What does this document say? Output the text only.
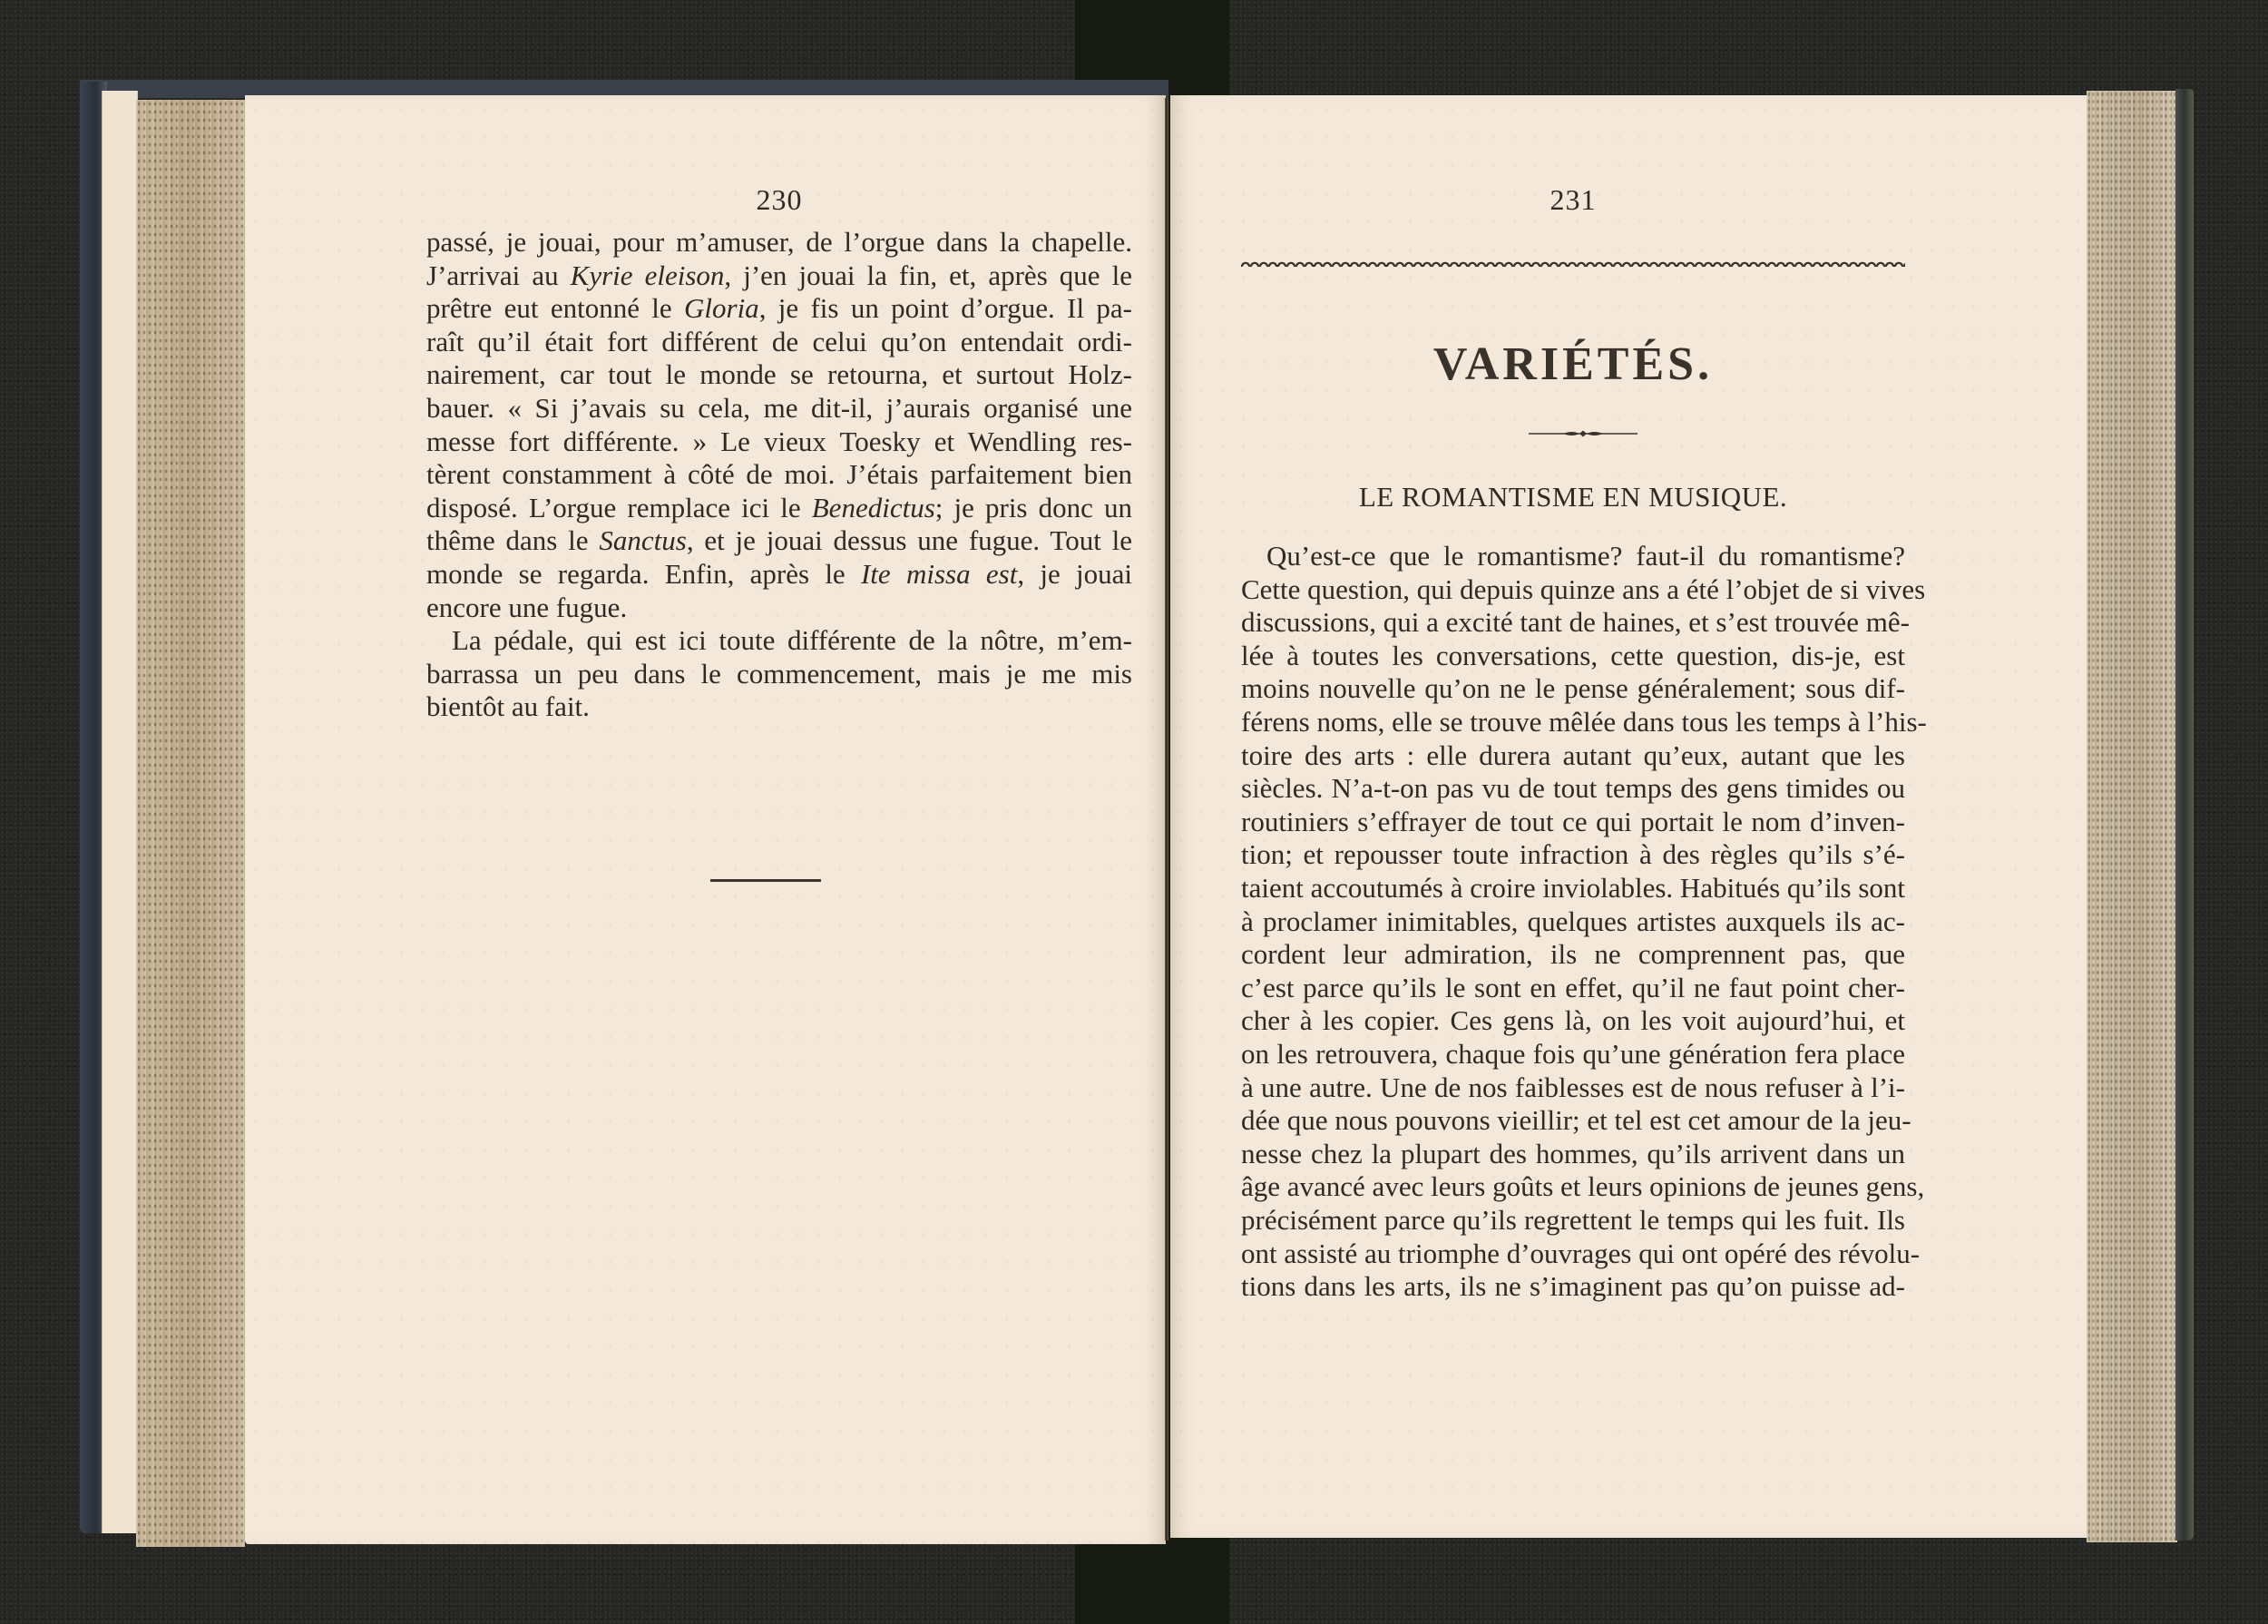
230
passé, je jouai, pour m’amuser, de l’orgue dans la chapelle.
J’arrivai au Kyrie eleison, j’en jouai la fin, et, après que le
prêtre eut entonné le Gloria, je fis un point d’orgue. Il pa-
raît qu’il était fort différent de celui qu’on entendait ordi-
nairement, car tout le monde se retourna, et surtout Holz-
bauer. « Si j’avais su cela, me dit-il, j’aurais organisé une
messe fort différente. » Le vieux Toesky et Wendling res-
tèrent constamment à côté de moi. J’étais parfaitement bien
disposé. L’orgue remplace ici le Benedictus; je pris donc un
thême dans le Sanctus, et je jouai dessus une fugue. Tout le
monde se regarda. Enfin, après le Ite missa est, je jouai
encore une fugue.
La pédale, qui est ici toute différente de la nôtre, m’em-
barrassa un peu dans le commencement, mais je me mis
bientôt au fait.
231
VARIÉTÉS.
LE ROMANTISME EN MUSIQUE.
Qu’est-ce que le romantisme? faut-il du romantisme?
Cette question, qui depuis quinze ans a été l’objet de si vives
discussions, qui a excité tant de haines, et s’est trouvée mê-
lée à toutes les conversations, cette question, dis-je, est
moins nouvelle qu’on ne le pense généralement; sous dif-
férens noms, elle se trouve mêlée dans tous les temps à l’his-
toire des arts : elle durera autant qu’eux, autant que les
siècles. N’a-t-on pas vu de tout temps des gens timides ou
routiniers s’effrayer de tout ce qui portait le nom d’inven-
tion; et repousser toute infraction à des règles qu’ils s’é-
taient accoutumés à croire inviolables. Habitués qu’ils sont
à proclamer inimitables, quelques artistes auxquels ils ac-
cordent leur admiration, ils ne comprennent pas, que
c’est parce qu’ils le sont en effet, qu’il ne faut point cher-
cher à les copier. Ces gens là, on les voit aujourd’hui, et
on les retrouvera, chaque fois qu’une génération fera place
à une autre. Une de nos faiblesses est de nous refuser à l’i-
dée que nous pouvons vieillir; et tel est cet amour de la jeu-
nesse chez la plupart des hommes, qu’ils arrivent dans un
âge avancé avec leurs goûts et leurs opinions de jeunes gens,
précisément parce qu’ils regrettent le temps qui les fuit. Ils
ont assisté au triomphe d’ouvrages qui ont opéré des révolu-
tions dans les arts, ils ne s’imaginent pas qu’on puisse ad-
